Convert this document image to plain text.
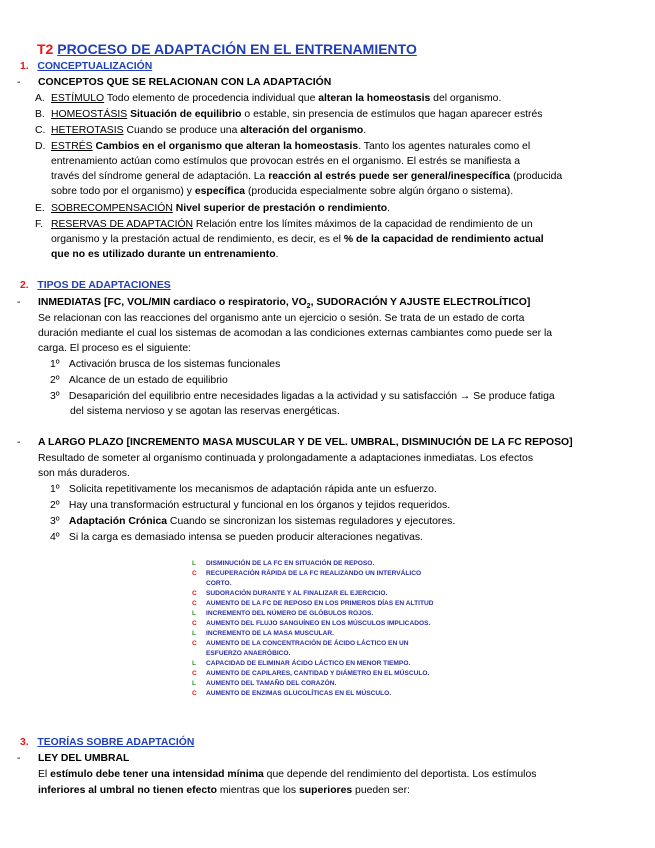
T2 PROCESO DE ADAPTACIÓN EN EL ENTRENAMIENTO
1. CONCEPTUALIZACIÓN
- CONCEPTOS QUE SE RELACIONAN CON LA ADAPTACIÓN
A. ESTÍMULO Todo elemento de procedencia individual que alteran la homeostasis del organismo.
B. HOMEOSTÁSIS Situación de equilibrio o estable, sin presencia de estímulos que hagan aparecer estrés
C. HETEROTASIS Cuando se produce una alteración del organismo.
D. ESTRÉS Cambios en el organismo que alteran la homeostasis. Tanto los agentes naturales como el
entrenamiento actúan como estímulos que provocan estrés en el organismo. El estrés se manifiesta a
través del síndrome general de adaptación. La reacción al estrés puede ser general/inespecífica (producida
sobre todo por el organismo) y específica (producida especialmente sobre algún órgano o sistema).
E. SOBRECOMPENSACIÓN Nivel superior de prestación o rendimiento.
F. RESERVAS DE ADAPTACIÓN Relación entre los límites máximos de la capacidad de rendimiento de un
organismo y la prestación actual de rendimiento, es decir, es el % de la capacidad de rendimiento actual
que no es utilizado durante un entrenamiento.
2. TIPOS DE ADAPTACIONES
- INMEDIATAS [FC, VOL/MIN cardiaco o respiratorio, $VO_2$, SUDORACIÓN Y AJUSTE ELECTROLÍTICO]
Se relacionan con las reacciones del organismo ante un ejercicio o sesión. Se trata de un estado de corta
duración mediante el cual los sistemas de acomodan a las condiciones externas cambiantes como puede ser la
carga. El proceso es el siguiente:
1º Activación brusca de los sistemas funcionales
2º Alcance de un estado de equilibrio
3º Desaparición del equilibrio entre necesidades ligadas a la actividad y su satisfacción → Se produce fatiga
del sistema nervioso y se agotan las reservas energéticas.
- A LARGO PLAZO [INCREMENTO MASA MUSCULAR Y DE VEL. UMBRAL, DISMINUCIÓN DE LA FC REPOSO]
Resultado de someter al organismo continuada y prolongadamente a adaptaciones inmediatas. Los efectos
son más duraderos.
1º Solicita repetitivamente los mecanismos de adaptación rápida ante un esfuerzo.
2º Hay una transformación estructural y funcional en los órganos y tejidos requeridos.
3º Adaptación Crónica Cuando se sincronizan los sistemas reguladores y ejecutores.
4º Si la carga es demasiado intensa se pueden producir alteraciones negativas.
L	DISMINUCIÓN DE LA FC EN SITUACIÓN DE REPOSO.
C	RECUPERACIÓN RÁPIDA DE LA FC REALIZANDO UN INTERVÁLICO
CORTO.
C	SUDORACIÓN DURANTE Y AL FINALIZAR EL EJERCICIO.
C	AUMENTO DE LA FC DE REPOSO EN LOS PRIMEROS DÍAS EN ALTITUD
L	INCREMENTO DEL NÚMERO DE GLÓBULOS ROJOS.
C	AUMENTO DEL FLUJO SANGUÍNEO EN LOS MÚSCULOS IMPLICADOS.
L	INCREMENTO DE LA MASA MUSCULAR.
C	AUMENTO DE LA CONCENTRACIÓN DE ÁCIDO LÁCTICO EN UN
ESFUERZO ANAERÓBICO.
L	CAPACIDAD DE ELIMINAR ÁCIDO LÁCTICO EN MENOR TIEMPO.
C	AUMENTO DE CAPILARES, CANTIDAD Y DIÁMETRO EN EL MÚSCULO.
L	AUMENTO DEL TAMAÑO DEL CORAZÓN.
C	AUMENTO DE ENZIMAS GLUCOLÍTICAS EN EL MÚSCULO.
3. TEORÍAS SOBRE ADAPTACIÓN
- LEY DEL UMBRAL
El estímulo debe tener una intensidad mínima que depende del rendimiento del deportista. Los estímulos
inferiores al umbral no tienen efecto mientras que los superiores pueden ser:
